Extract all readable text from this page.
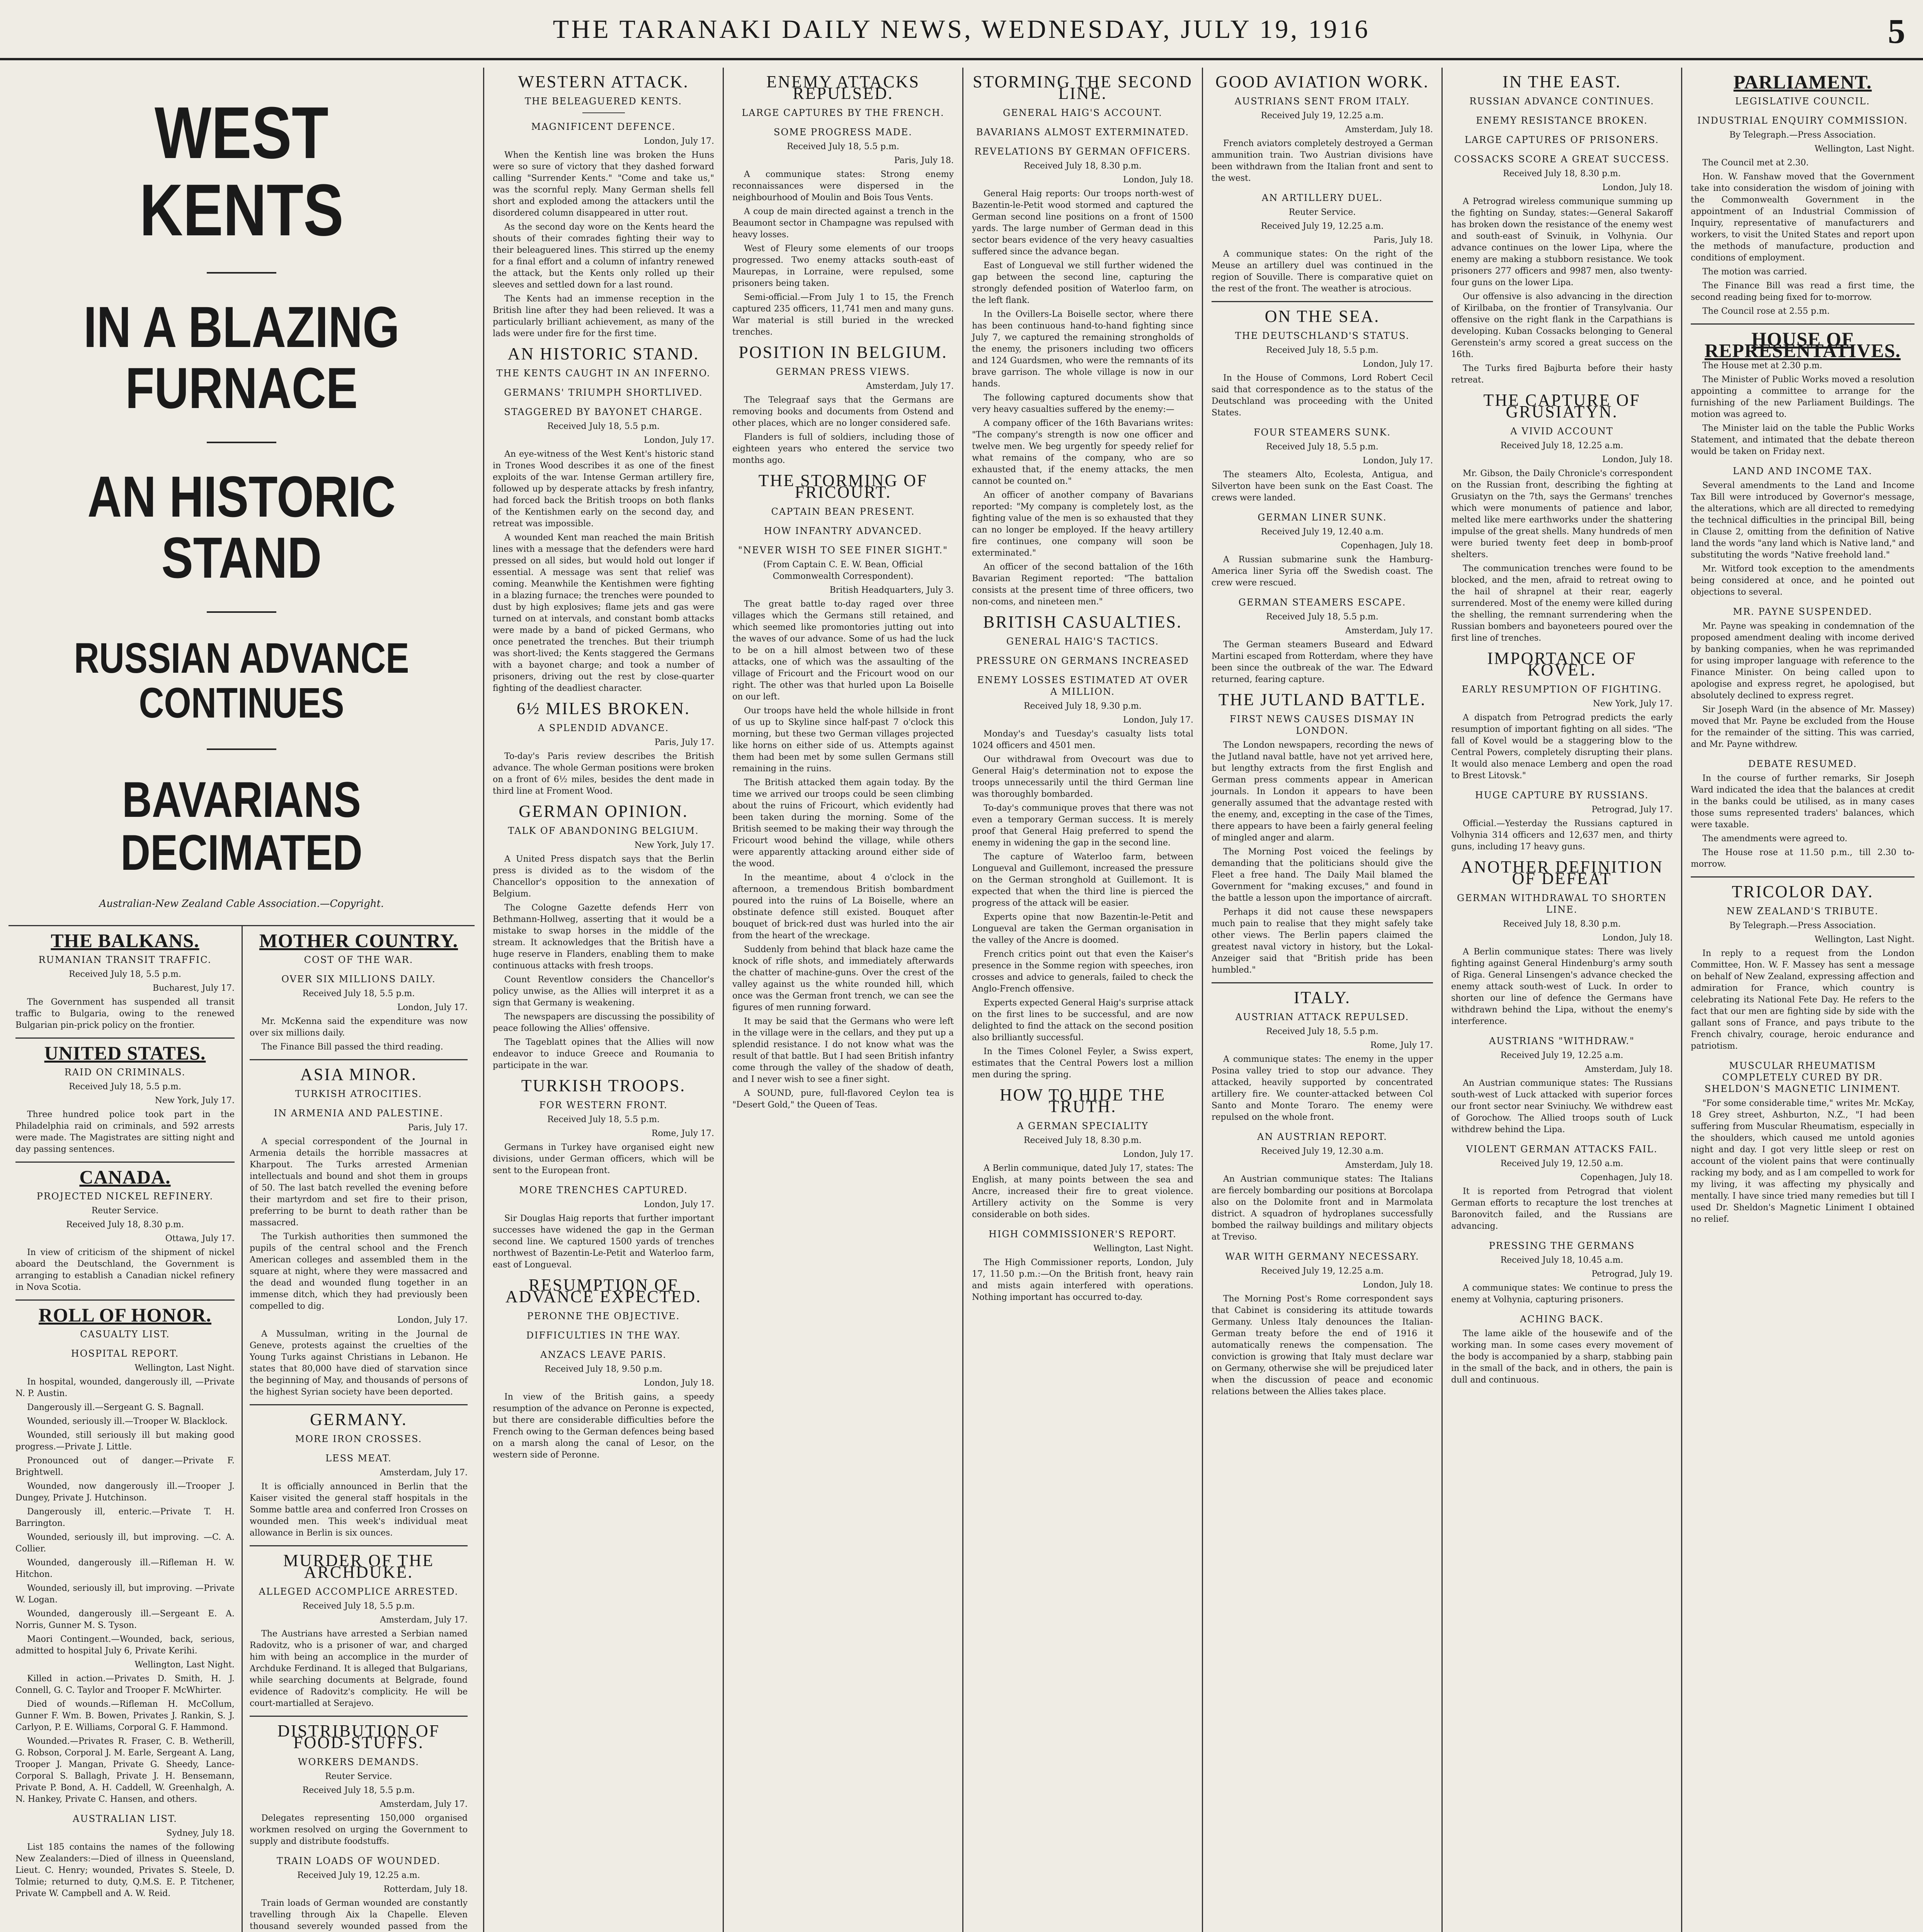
THE TARANAKI DAILY NEWS, WEDNESDAY, JULY 19, 1916	5
WEST KENTS
IN A BLAZING FURNACE
AN HISTORIC STAND
RUSSIAN ADVANCE CONTINUES
BAVARIANS DECIMATED
Australian-New Zealand Cable Association.—Copyright.
THE BALKANS.
RUMANIAN TRANSIT TRAFFIC.
Received July 18, 5.5 p.m.
Bucharest, July 17.

The Government has suspended all transit traffic to Bulgaria, owing to the renewed Bulgarian pin-prick policy on the frontier.

UNITED STATES.
RAID ON CRIMINALS.
Received July 18, 5.5 p.m.
New York, July 17.

Three hundred police took part in the Philadelphia raid on criminals, and 592 arrests were made. The Magistrates are sitting night and day passing sentences.

CANADA.
PROJECTED NICKEL REFINERY.
Reuter Service.
Received July 18, 8.30 p.m.
Ottawa, July 17.

In view of criticism of the shipment of nickel aboard the Deutschland, the Government is arranging to establish a Canadian nickel refinery in Nova Scotia.

ROLL OF HONOR.
CASUALTY LIST.
HOSPITAL REPORT.
Wellington, Last Night.

In hospital, wounded, dangerously ill, —Private N. P. Austin.

Dangerously ill.—Sergeant G. S. Bagnall.

Wounded, seriously ill.—Trooper W. Blacklock.

Wounded, still seriously ill but making good progress.—Private J. Little.

Pronounced out of danger.—Private F. Brightwell.

Wounded, now dangerously ill.—Trooper J. Dungey, Private J. Hutchinson.

Dangerously ill, enteric.—Private T. H. Barrington.

Wounded, seriously ill, but improving. —C. A. Collier.

Wounded, dangerously ill.—Rifleman H. W. Hitchon.

Wounded, seriously ill, but improving. —Private W. Logan.

Wounded, dangerously ill.—Sergeant E. A. Norris, Gunner M. S. Tyson.

Maori Contingent.—Wounded, back, serious, admitted to hospital July 6, Private Kerihi.

Wellington, Last Night.

Killed in action.—Privates D. Smith, H. J. Connell, G. C. Taylor and Trooper F. McWhirter.

Died of wounds.—Rifleman H. McCollum, Gunner F. Wm. B. Bowen, Privates J. Rankin, S. J. Carlyon, P. E. Williams, Corporal G. F. Hammond.

Wounded.—Privates R. Fraser, C. B. Wetherill, G. Robson, Corporal J. M. Earle, Sergeant A. Lang, Trooper J. Mangan, Private G. Sheedy, Lance-Corporal S. Ballagh, Private J. H. Bensemann, Private P. Bond, A. H. Caddell, W. Greenhalgh, A. N. Hankey, Private C. Hansen, and others.

AUSTRALIAN LIST.
Sydney, July 18.

List 185 contains the names of the following New Zealanders:—Died of illness in Queensland, Lieut. C. Henry; wounded, Privates S. Steele, D. Tolmie; returned to duty, Q.M.S. E. P. Titchener, Private W. Campbell and A. W. Reid.

MOTHER COUNTRY.
COST OF THE WAR.
OVER SIX MILLIONS DAILY.
Received July 18, 5.5 p.m.
London, July 17.

Mr. McKenna said the expenditure was now over six millions daily.

The Finance Bill passed the third reading.

ASIA MINOR.
TURKISH ATROCITIES.
IN ARMENIA AND PALESTINE.
Paris, July 17.

A special correspondent of the Journal in Armenia details the horrible massacres at Kharpout. The Turks arrested Armenian intellectuals and bound and shot them in groups of 50. The last batch revelled the evening before their martyrdom and set fire to their prison, preferring to be burnt to death rather than be massacred.

The Turkish authorities then summoned the pupils of the central school and the French American colleges and assembled them in the square at night, where they were massacred and the dead and wounded flung together in an immense ditch, which they had previously been compelled to dig.

London, July 17.

A Mussulman, writing in the Journal de Geneve, protests against the cruelties of the Young Turks against Christians in Lebanon. He states that 80,000 have died of starvation since the beginning of May, and thousands of persons of the highest Syrian society have been deported.

GERMANY.
MORE IRON CROSSES.
LESS MEAT.
Amsterdam, July 17.

It is officially announced in Berlin that the Kaiser visited the general staff hospitals in the Somme battle area and conferred Iron Crosses on wounded men. This week's individual meat allowance in Berlin is six ounces.

MURDER OF THE ARCHDUKE.
ALLEGED ACCOMPLICE ARRESTED.
Received July 18, 5.5 p.m.
Amsterdam, July 17.

The Austrians have arrested a Serbian named Radovitz, who is a prisoner of war, and charged him with being an accomplice in the murder of Archduke Ferdinand. It is alleged that Bulgarians, while searching documents at Belgrade, found evidence of Radovitz's complicity. He will be court-martialled at Serajevo.

DISTRIBUTION OF FOOD-STUFFS.
WORKERS DEMANDS.
Reuter Service.
Received July 18, 5.5 p.m.
Amsterdam, July 17.

Delegates representing 150,000 organised workmen resolved on urging the Government to supply and distribute foodstuffs.

TRAIN LOADS OF WOUNDED.
Received July 19, 12.25 a.m.
Rotterdam, July 18.

Train loads of German wounded are constantly travelling through Aix la Chapelle. Eleven thousand severely wounded passed from the

WESTERN ATTACK.
THE BELEAGUERED KENTS.
MAGNIFICENT DEFENCE.
London, July 17.

When the Kentish line was broken the Huns were so sure of victory that they dashed forward calling "Surrender Kents." "Come and take us," was the scornful reply. Many German shells fell short and exploded among the attackers until the disordered column disappeared in utter rout.

As the second day wore on the Kents heard the shouts of their comrades fighting their way to their beleaguered lines. This stirred up the enemy for a final effort and a column of infantry renewed the attack, but the Kents only rolled up their sleeves and settled down for a last round.

The Kents had an immense reception in the British line after they had been relieved. It was a particularly brilliant achievement, as many of the lads were under fire for the first time.

AN HISTORIC STAND.
THE KENTS CAUGHT IN AN INFERNO.
GERMANS' TRIUMPH SHORTLIVED.
STAGGERED BY BAYONET CHARGE.
Received July 18, 5.5 p.m.
London, July 17.

An eye-witness of the West Kent's historic stand in Trones Wood describes it as one of the finest exploits of the war. Intense German artillery fire, followed up by desperate attacks by fresh infantry, had forced back the British troops on both flanks of the Kentishmen early on the second day, and retreat was impossible.

A wounded Kent man reached the main British lines with a message that the defenders were hard pressed on all sides, but would hold out longer if essential. A message was sent that relief was coming. Meanwhile the Kentishmen were fighting in a blazing furnace; the trenches were pounded to dust by high explosives; flame jets and gas were turned on at intervals, and constant bomb attacks were made by a band of picked Germans, who once penetrated the trenches. But their triumph was short-lived; the Kents staggered the Germans with a bayonet charge; and took a number of prisoners, driving out the rest by close-quarter fighting of the deadliest character.

6½ MILES BROKEN.
A SPLENDID ADVANCE.
Paris, July 17.

To-day's Paris review describes the British advance. The whole German positions were broken on a front of 6½ miles, besides the dent made in third line at Froment Wood.

GERMAN OPINION.
TALK OF ABANDONING BELGIUM.
New York, July 17.

A United Press dispatch says that the Berlin press is divided as to the wisdom of the Chancellor's opposition to the annexation of Belgium.

The Cologne Gazette defends Herr von Bethmann-Hollweg, asserting that it would be a mistake to swap horses in the middle of the stream. It acknowledges that the British have a huge reserve in Flanders, enabling them to make continuous attacks with fresh troops.

Count Reventlow considers the Chancellor's policy unwise, as the Allies will interpret it as a sign that Germany is weakening.

The newspapers are discussing the possibility of peace following the Allies' offensive.

The Tageblatt opines that the Allies will now endeavor to induce Greece and Roumania to participate in the war.

TURKISH TROOPS.
FOR WESTERN FRONT.
Received July 18, 5.5 p.m.
Rome, July 17.

Germans in Turkey have organised eight new divisions, under German officers, which will be sent to the European front.

MORE TRENCHES CAPTURED.
London, July 17.

Sir Douglas Haig reports that further important successes have widened the gap in the German second line. We captured 1500 yards of trenches northwest of Bazentin-Le-Petit and Waterloo farm, east of Longueval.

RESUMPTION OF ADVANCE EXPECTED.
PERONNE THE OBJECTIVE.
DIFFICULTIES IN THE WAY.
ANZACS LEAVE PARIS.
Received July 18, 9.50 p.m.
London, July 18.

In view of the British gains, a speedy resumption of the advance on Peronne is expected, but there are considerable difficulties before the French owing to the German defences being based on a marsh along the canal of Lesor, on the western side of Peronne.

ENEMY ATTACKS REPULSED.
LARGE CAPTURES BY THE FRENCH.
SOME PROGRESS MADE.
Received July 18, 5.5 p.m.
Paris, July 18.

A communique states: Strong enemy reconnaissances were dispersed in the neighbourhood of Moulin and Bois Tous Vents.

A coup de main directed against a trench in the Beaumont sector in Champagne was repulsed with heavy losses.

West of Fleury some elements of our troops progressed. Two enemy attacks south-east of Maurepas, in Lorraine, were repulsed, some prisoners being taken.

Semi-official.—From July 1 to 15, the French captured 235 officers, 11,741 men and many guns. War material is still buried in the wrecked trenches.

POSITION IN BELGIUM.
GERMAN PRESS VIEWS.
Amsterdam, July 17.

The Telegraaf says that the Germans are removing books and documents from Ostend and other places, which are no longer considered safe.

Flanders is full of soldiers, including those of eighteen years who entered the service two months ago.

THE STORMING OF FRICOURT.
CAPTAIN BEAN PRESENT.
HOW INFANTRY ADVANCED.
"NEVER WISH TO SEE FINER SIGHT."
(From Captain C. E. W. Bean, Official Commonwealth Correspondent).
British Headquarters, July 3.

The great battle to-day raged over three villages which the Germans still retained, and which seemed like promontories jutting out into the waves of our advance. Some of us had the luck to be on a hill almost between two of these attacks, one of which was the assaulting of the village of Fricourt and the Fricourt wood on our right. The other was that hurled upon La Boiselle on our left.

Our troops have held the whole hillside in front of us up to Skyline since half-past 7 o'clock this morning, but these two German villages projected like horns on either side of us. Attempts against them had been met by some sullen Germans still remaining in the ruins.

The British attacked them again today. By the time we arrived our troops could be seen climbing about the ruins of Fricourt, which evidently had been taken during the morning. Some of the British seemed to be making their way through the Fricourt wood behind the village, while others were apparently attacking around either side of the wood.

In the meantime, about 4 o'clock in the afternoon, a tremendous British bombardment poured into the ruins of La Boiselle, where an obstinate defence still existed. Bouquet after bouquet of brick-red dust was hurled into the air from the heart of the wreckage.

Suddenly from behind that black haze came the knock of rifle shots, and immediately afterwards the chatter of machine-guns. Over the crest of the valley against us the white rounded hill, which once was the German front trench, we can see the figures of men running forward.

It may be said that the Germans who were left in the village were in the cellars, and they put up a splendid resistance. I do not know what was the result of that battle. But I had seen British infantry come through the valley of the shadow of death, and I never wish to see a finer sight.

A SOUND, pure, full-flavored Ceylon tea is "Desert Gold," the Queen of Teas.

STORMING THE SECOND LINE.
GENERAL HAIG'S ACCOUNT.
BAVARIANS ALMOST EXTERMINATED.
REVELATIONS BY GERMAN OFFICERS.
Received July 18, 8.30 p.m.
London, July 18.

General Haig reports: Our troops north-west of Bazentin-le-Petit wood stormed and captured the German second line positions on a front of 1500 yards. The large number of German dead in this sector bears evidence of the very heavy casualties suffered since the advance began.

East of Longueval we still further widened the gap between the second line, capturing the strongly defended position of Waterloo farm, on the left flank.

In the Ovillers-La Boiselle sector, where there has been continuous hand-to-hand fighting since July 7, we captured the remaining strongholds of the enemy, the prisoners including two officers and 124 Guardsmen, who were the remnants of its brave garrison. The whole village is now in our hands.

The following captured documents show that very heavy casualties suffered by the enemy:—

A company officer of the 16th Bavarians writes: "The company's strength is now one officer and twelve men. We beg urgently for speedy relief for what remains of the company, who are so exhausted that, if the enemy attacks, the men cannot be counted on."

An officer of another company of Bavarians reported: "My company is completely lost, as the fighting value of the men is so exhausted that they can no longer be employed. If the heavy artillery fire continues, one company will soon be exterminated."

An officer of the second battalion of the 16th Bavarian Regiment reported: "The battalion consists at the present time of three officers, two non-coms, and nineteen men."

BRITISH CASUALTIES.
GENERAL HAIG'S TACTICS.
PRESSURE ON GERMANS INCREASED
ENEMY LOSSES ESTIMATED AT OVER A MILLION.
Received July 18, 9.30 p.m.
London, July 17.

Monday's and Tuesday's casualty lists total 1024 officers and 4501 men.

Our withdrawal from Ovecourt was due to General Haig's determination not to expose the troops unnecessarily until the third German line was thoroughly bombarded.

To-day's communique proves that there was not even a temporary German success. It is merely proof that General Haig preferred to spend the enemy in widening the gap in the second line.

The capture of Waterloo farm, between Longueval and Guillemont, increased the pressure on the German stronghold at Guillemont. It is expected that when the third line is pierced the progress of the attack will be easier.

Experts opine that now Bazentin-le-Petit and Longueval are taken the German organisation in the valley of the Ancre is doomed.

French critics point out that even the Kaiser's presence in the Somme region with speeches, iron crosses and advice to generals, failed to check the Anglo-French offensive.

Experts expected General Haig's surprise attack on the first lines to be successful, and are now delighted to find the attack on the second position also brilliantly successful.

In the Times Colonel Feyler, a Swiss expert, estimates that the Central Powers lost a million men during the spring.

HOW TO HIDE THE TRUTH.
A GERMAN SPECIALITY
Received July 18, 8.30 p.m.
London, July 17.

A Berlin communique, dated July 17, states: The English, at many points between the sea and Ancre, increased their fire to great violence. Artillery activity on the Somme is very considerable on both sides.

HIGH COMMISSIONER'S REPORT.
Wellington, Last Night.

The High Commissioner reports, London, July 17, 11.50 p.m.:—On the British front, heavy rain and mists again interfered with operations. Nothing important has occurred to-day.

GOOD AVIATION WORK.
AUSTRIANS SENT FROM ITALY.
Received July 19, 12.25 a.m.
Amsterdam, July 18.

French aviators completely destroyed a German ammunition train. Two Austrian divisions have been withdrawn from the Italian front and sent to the west.

AN ARTILLERY DUEL.
Reuter Service.
Received July 19, 12.25 a.m.
Paris, July 18.

A communique states: On the right of the Meuse an artillery duel was continued in the region of Souville. There is comparative quiet on the rest of the front. The weather is atrocious.

ON THE SEA.
THE DEUTSCHLAND'S STATUS.
Received July 18, 5.5 p.m.
London, July 17.

In the House of Commons, Lord Robert Cecil said that correspondence as to the status of the Deutschland was proceeding with the United States.

FOUR STEAMERS SUNK.
Received July 18, 5.5 p.m.
London, July 17.

The steamers Alto, Ecolesta, Antigua, and Silverton have been sunk on the East Coast. The crews were landed.

GERMAN LINER SUNK.
Received July 19, 12.40 a.m.
Copenhagen, July 18.

A Russian submarine sunk the Hamburg-America liner Syria off the Swedish coast. The crew were rescued.

GERMAN STEAMERS ESCAPE.
Received July 18, 5.5 p.m.
Amsterdam, July 17.

The German steamers Buseard and Edward Martini escaped from Rotterdam, where they have been since the outbreak of the war. The Edward returned, fearing capture.

THE JUTLAND BATTLE.
FIRST NEWS CAUSES DISMAY IN LONDON.

The London newspapers, recording the news of the Jutland naval battle, have not yet arrived here, but lengthy extracts from the first English and German press comments appear in American journals. In London it appears to have been generally assumed that the advantage rested with the enemy, and, excepting in the case of the Times, there appears to have been a fairly general feeling of mingled anger and alarm.

The Morning Post voiced the feelings by demanding that the politicians should give the Fleet a free hand. The Daily Mail blamed the Government for "making excuses," and found in the battle a lesson upon the importance of aircraft.

Perhaps it did not cause these newspapers much pain to realise that they might safely take other views. The Berlin papers claimed the greatest naval victory in history, but the Lokal-Anzeiger said that "British pride has been humbled."

ITALY.
AUSTRIAN ATTACK REPULSED.
Received July 18, 5.5 p.m.
Rome, July 17.

A communique states: The enemy in the upper Posina valley tried to stop our advance. They attacked, heavily supported by concentrated artillery fire. We counter-attacked between Col Santo and Monte Toraro. The enemy were repulsed on the whole front.

AN AUSTRIAN REPORT.
Received July 19, 12.30 a.m.
Amsterdam, July 18.

An Austrian communique states: The Italians are fiercely bombarding our positions at Borcolapa also on the Dolomite front and in Marmolata district. A squadron of hydroplanes successfully bombed the railway buildings and military objects at Treviso.

WAR WITH GERMANY NECESSARY.
Received July 19, 12.25 a.m.
London, July 18.

The Morning Post's Rome correspondent says that Cabinet is considering its attitude towards Germany. Unless Italy denounces the Italian-German treaty before the end of 1916 it automatically renews the compensation. The conviction is growing that Italy must declare war on Germany, otherwise she will be prejudiced later when the discussion of peace and economic relations between the Allies takes place.

IN THE EAST.
RUSSIAN ADVANCE CONTINUES.
ENEMY RESISTANCE BROKEN.
LARGE CAPTURES OF PRISONERS.
COSSACKS SCORE A GREAT SUCCESS.
Received July 18, 8.30 p.m.
London, July 18.

A Petrograd wireless communique summing up the fighting on Sunday, states:—General Sakaroff has broken down the resistance of the enemy west and south-east of Svinuik, in Volhynia. Our advance continues on the lower Lipa, where the enemy are making a stubborn resistance. We took prisoners 277 officers and 9987 men, also twenty-four guns on the lower Lipa.

Our offensive is also advancing in the direction of Kirilbaba, on the frontier of Transylvania. Our offensive on the right flank in the Carpathians is developing. Kuban Cossacks belonging to General Gerenstein's army scored a great success on the 16th.

The Turks fired Bajburta before their hasty retreat.

THE CAPTURE OF GRUSIATYN.
A VIVID ACCOUNT
Received July 18, 12.25 a.m.
London, July 18.

Mr. Gibson, the Daily Chronicle's correspondent on the Russian front, describing the fighting at Grusiatyn on the 7th, says the Germans' trenches which were monuments of patience and labor, melted like mere earthworks under the shattering impulse of the great shells. Many hundreds of men were buried twenty feet deep in bomb-proof shelters.

The communication trenches were found to be blocked, and the men, afraid to retreat owing to the hail of shrapnel at their rear, eagerly surrendered. Most of the enemy were killed during the shelling, the remnant surrendering when the Russian bombers and bayoneteers poured over the first line of trenches.

IMPORTANCE OF KOVEL.
EARLY RESUMPTION OF FIGHTING.
New York, July 17.

A dispatch from Petrograd predicts the early resumption of important fighting on all sides. "The fall of Kovel would be a staggering blow to the Central Powers, completely disrupting their plans. It would also menace Lemberg and open the road to Brest Litovsk."

HUGE CAPTURE BY RUSSIANS.
Petrograd, July 17.

Official.—Yesterday the Russians captured in Volhynia 314 officers and 12,637 men, and thirty guns, including 17 heavy guns.

ANOTHER DEFINITION OF DEFEAT
GERMAN WITHDRAWAL TO SHORTEN LINE.
Received July 18, 8.30 p.m.
London, July 18.

A Berlin communique states: There was lively fighting against General Hindenburg's army south of Riga. General Linsengen's advance checked the enemy attack south-west of Luck. In order to shorten our line of defence the Germans have withdrawn behind the Lipa, without the enemy's interference.

AUSTRIANS "WITHDRAW."
Received July 19, 12.25 a.m.
Amsterdam, July 18.

An Austrian communique states: The Russians south-west of Luck attacked with superior forces our front sector near Sviniuchy. We withdrew east of Gorochow. The Allied troops south of Luck withdrew behind the Lipa.

VIOLENT GERMAN ATTACKS FAIL.
Received July 19, 12.50 a.m.
Copenhagen, July 18.

It is reported from Petrograd that violent German efforts to recapture the lost trenches at Baronovitch failed, and the Russians are advancing.

PRESSING THE GERMANS
Received July 18, 10.45 a.m.
Petrograd, July 19.

A communique states: We continue to press the enemy at Volhynia, capturing prisoners.

ACHING BACK.

The lame aikle of the housewife and of the working man. In some cases every movement of the body is accompanied by a sharp, stabbing pain in the small of the back, and in others, the pain is dull and continuous.

PARLIAMENT.
LEGISLATIVE COUNCIL.
INDUSTRIAL ENQUIRY COMMISSION.
By Telegraph.—Press Association.
Wellington, Last Night.

The Council met at 2.30.

Hon. W. Fanshaw moved that the Government take into consideration the wisdom of joining with the Commonwealth Government in the appointment of an Industrial Commission of Inquiry, representative of manufacturers and workers, to visit the United States and report upon the methods of manufacture, production and conditions of employment.

The motion was carried.

The Finance Bill was read a first time, the second reading being fixed for to-morrow.

The Council rose at 2.55 p.m.

HOUSE OF REPRESENTATIVES.

The House met at 2.30 p.m.

The Minister of Public Works moved a resolution appointing a committee to arrange for the furnishing of the new Parliament Buildings. The motion was agreed to.

The Minister laid on the table the Public Works Statement, and intimated that the debate thereon would be taken on Friday next.

LAND AND INCOME TAX.

Several amendments to the Land and Income Tax Bill were introduced by Governor's message, the alterations, which are all directed to remedying the technical difficulties in the principal Bill, being in Clause 2, omitting from the definition of Native land the words "any land which is Native land," and substituting the words "Native freehold land."

Mr. Witford took exception to the amendments being considered at once, and he pointed out objections to several.

MR. PAYNE SUSPENDED.

Mr. Payne was speaking in condemnation of the proposed amendment dealing with income derived by banking companies, when he was reprimanded for using improper language with reference to the Finance Minister. On being called upon to apologise and express regret, he apologised, but absolutely declined to express regret.

Sir Joseph Ward (in the absence of Mr. Massey) moved that Mr. Payne be excluded from the House for the remainder of the sitting. This was carried, and Mr. Payne withdrew.

DEBATE RESUMED.

In the course of further remarks, Sir Joseph Ward indicated the idea that the balances at credit in the banks could be utilised, as in many cases those sums represented traders' balances, which were taxable.

The amendments were agreed to.

The House rose at 11.50 p.m., till 2.30 to-morrow.

TRICOLOR DAY.
NEW ZEALAND'S TRIBUTE.
By Telegraph.—Press Association.
Wellington, Last Night.

In reply to a request from the London Committee, Hon. W. F. Massey has sent a message on behalf of New Zealand, expressing affection and admiration for France, which country is celebrating its National Fete Day. He refers to the fact that our men are fighting side by side with the gallant sons of France, and pays tribute to the French chivalry, courage, heroic endurance and patriotism.

MUSCULAR RHEUMATISM COMPLETELY CURED BY DR. SHELDON'S MAGNETIC LINIMENT.

"For some considerable time," writes Mr. McKay, 18 Grey street, Ashburton, N.Z., "I had been suffering from Muscular Rheumatism, especially in the shoulders, which caused me untold agonies night and day. I got very little sleep or rest on account of the violent pains that were continually racking my body, and as I am compelled to work for my living, it was affecting my physically and mentally. I have since tried many remedies but till I used Dr. Sheldon's Magnetic Liniment I obtained no relief.
